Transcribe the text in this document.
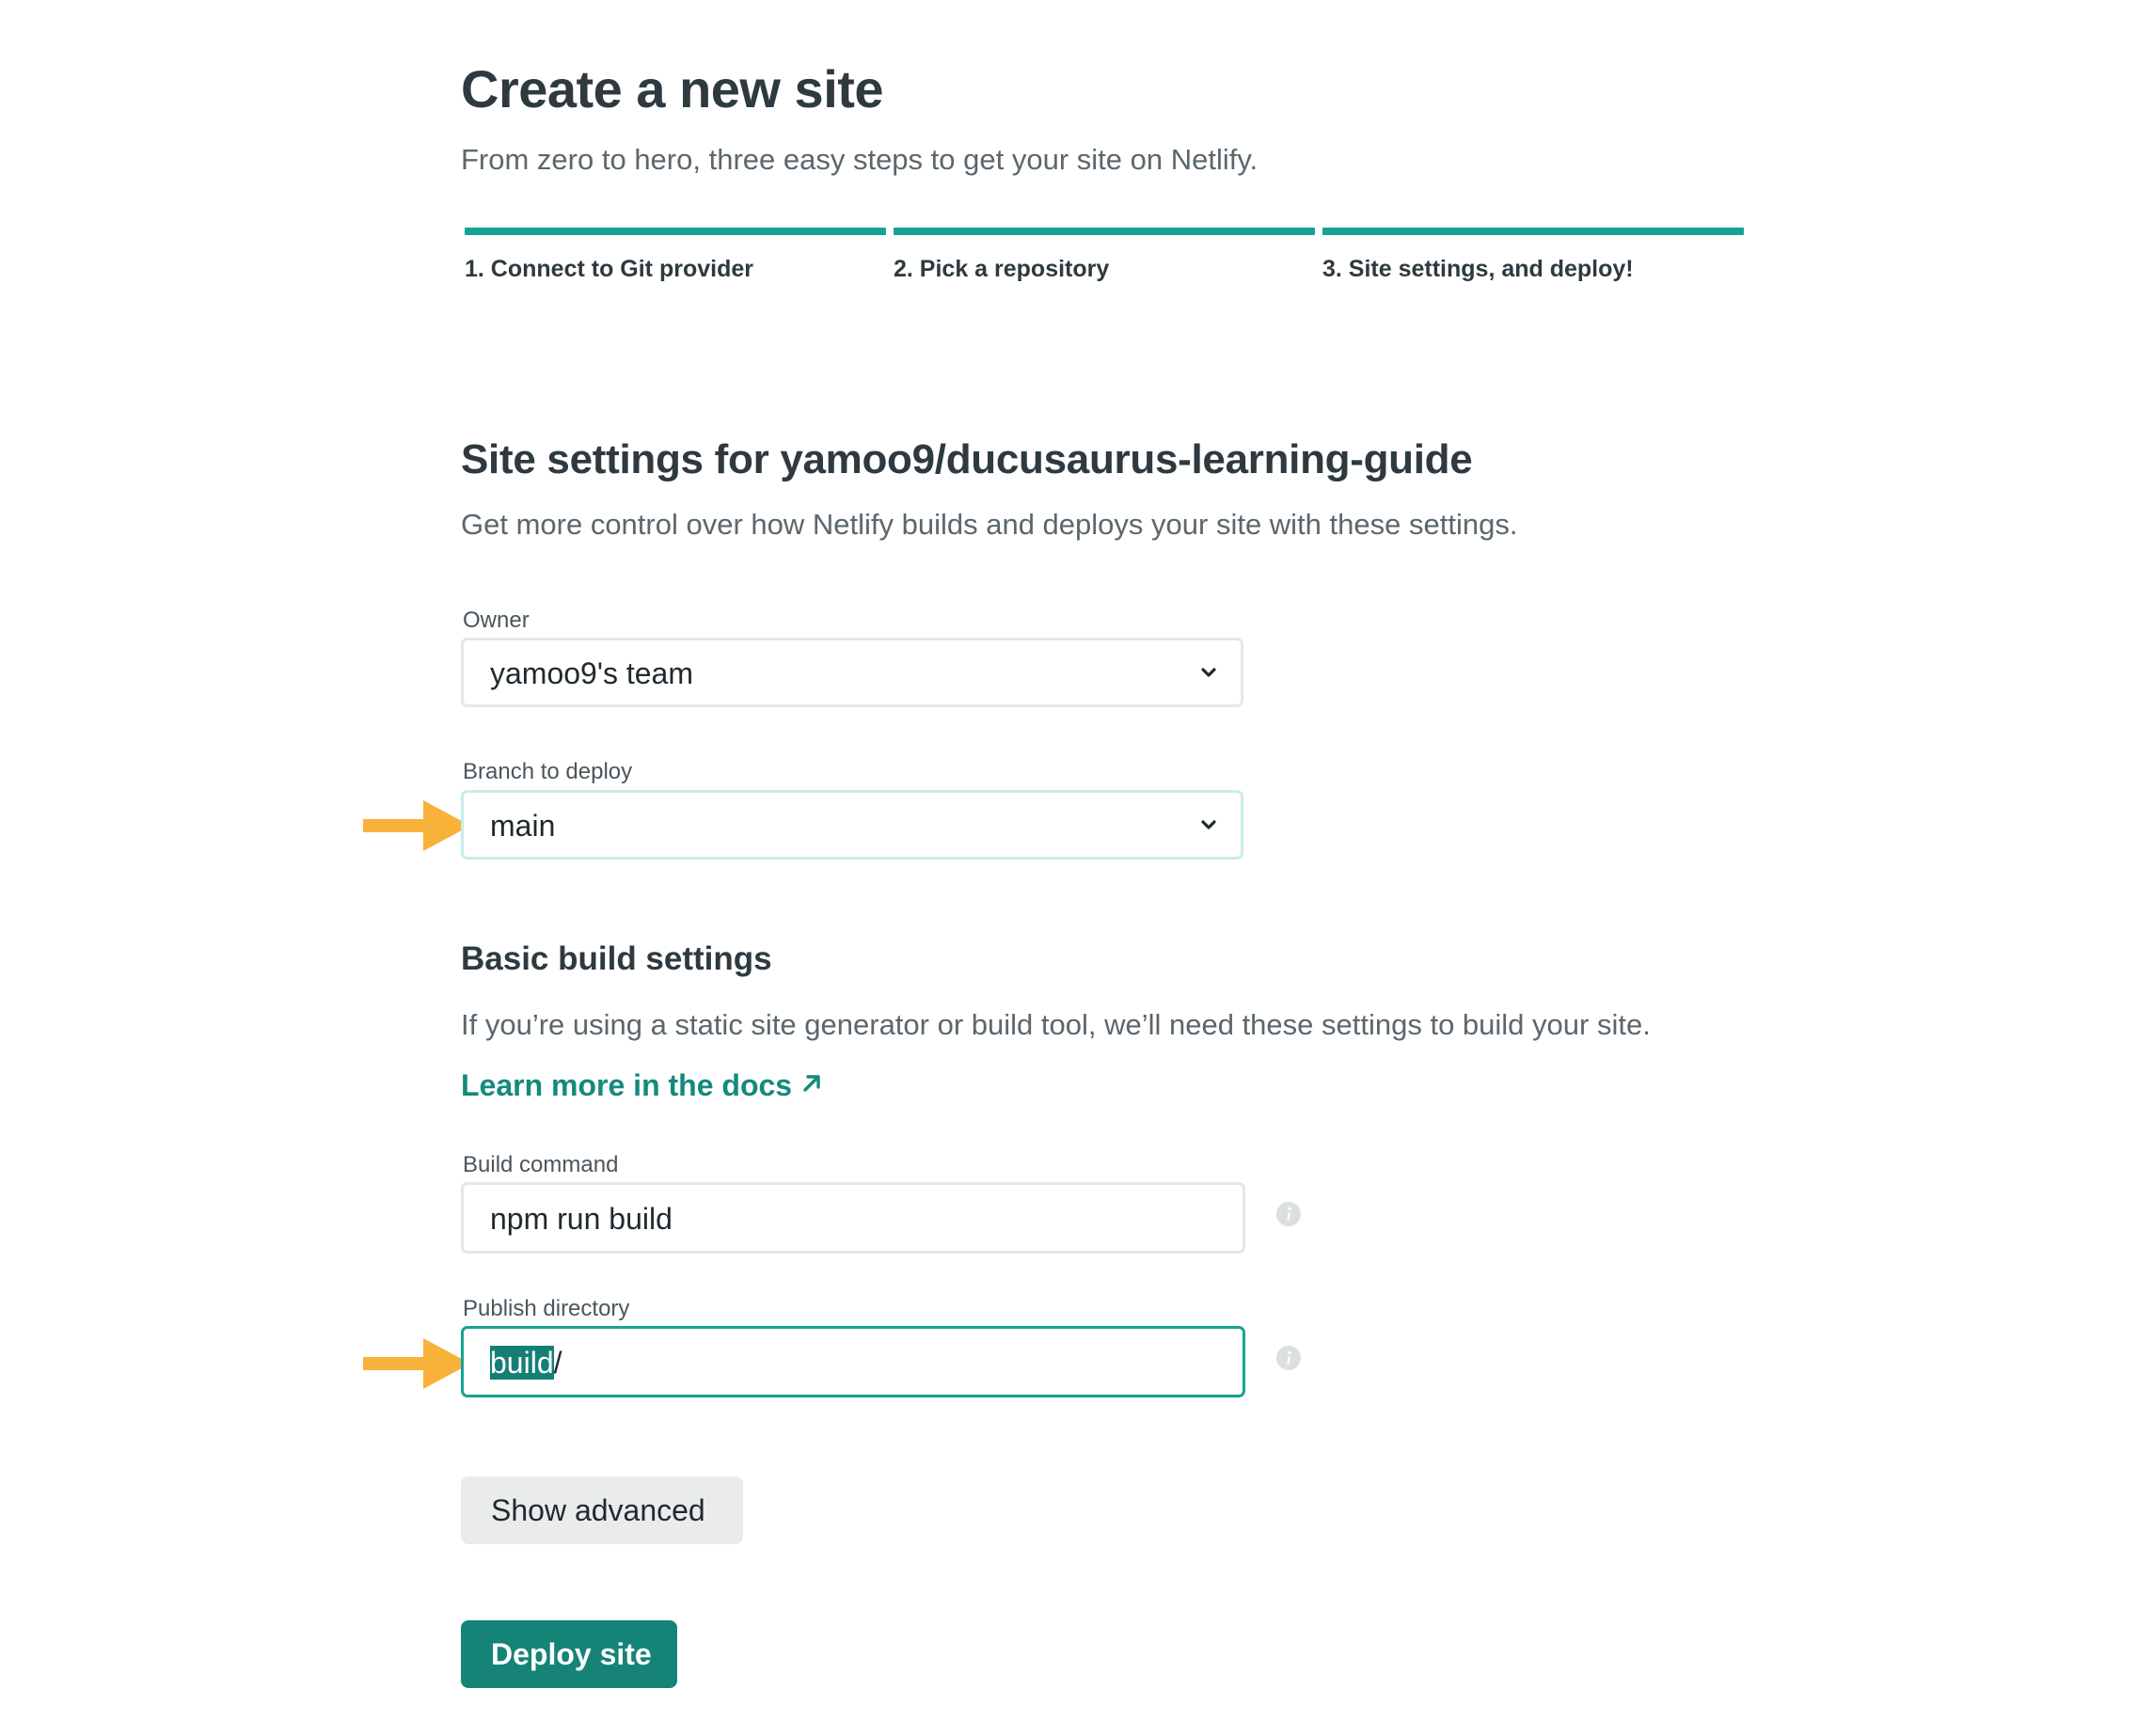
Create a new site
From zero to hero, three easy steps to get your site on Netlify.
1. Connect to Git provider	2. Pick a repository	3. Site settings, and deploy!
Site settings for yamoo9/ducusaurus-learning-guide
Get more control over how Netlify builds and deploys your site with these settings.
Owner
yamoo9's team
Branch to deploy
main
Basic build settings
If you’re using a static site generator or build tool, we’ll need these settings to build your site.
Learn more in the docs
Build command
npm run build
Publish directory
build/
Show advanced
Deploy site
